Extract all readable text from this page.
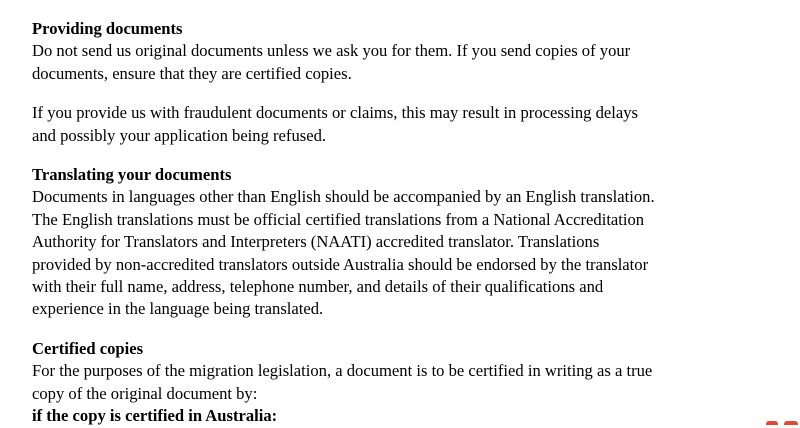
Providing documents

Do not send us original documents unless we ask you for them. If you send copies of your
documents, ensure that they are certified copies.

If you provide us with fraudulent documents or claims, this may result in processing delays
and possibly your application being refused.

Translating your documents

Documents in languages other than English should be accompanied by an English translation.
The English translations must be official certified translations from a National Accreditation
Authority for Translators and Interpreters (NAATI) accredited translator. Translations
provided by non-accredited translators outside Australia should be endorsed by the translator
with their full name, address, telephone number, and details of their qualifications and
experience in the language being translated.

Certified copies

For the purposes of the migration legislation, a document is to be certified in writing as a true
copy of the original document by:

if the copy is certified in Australia:
